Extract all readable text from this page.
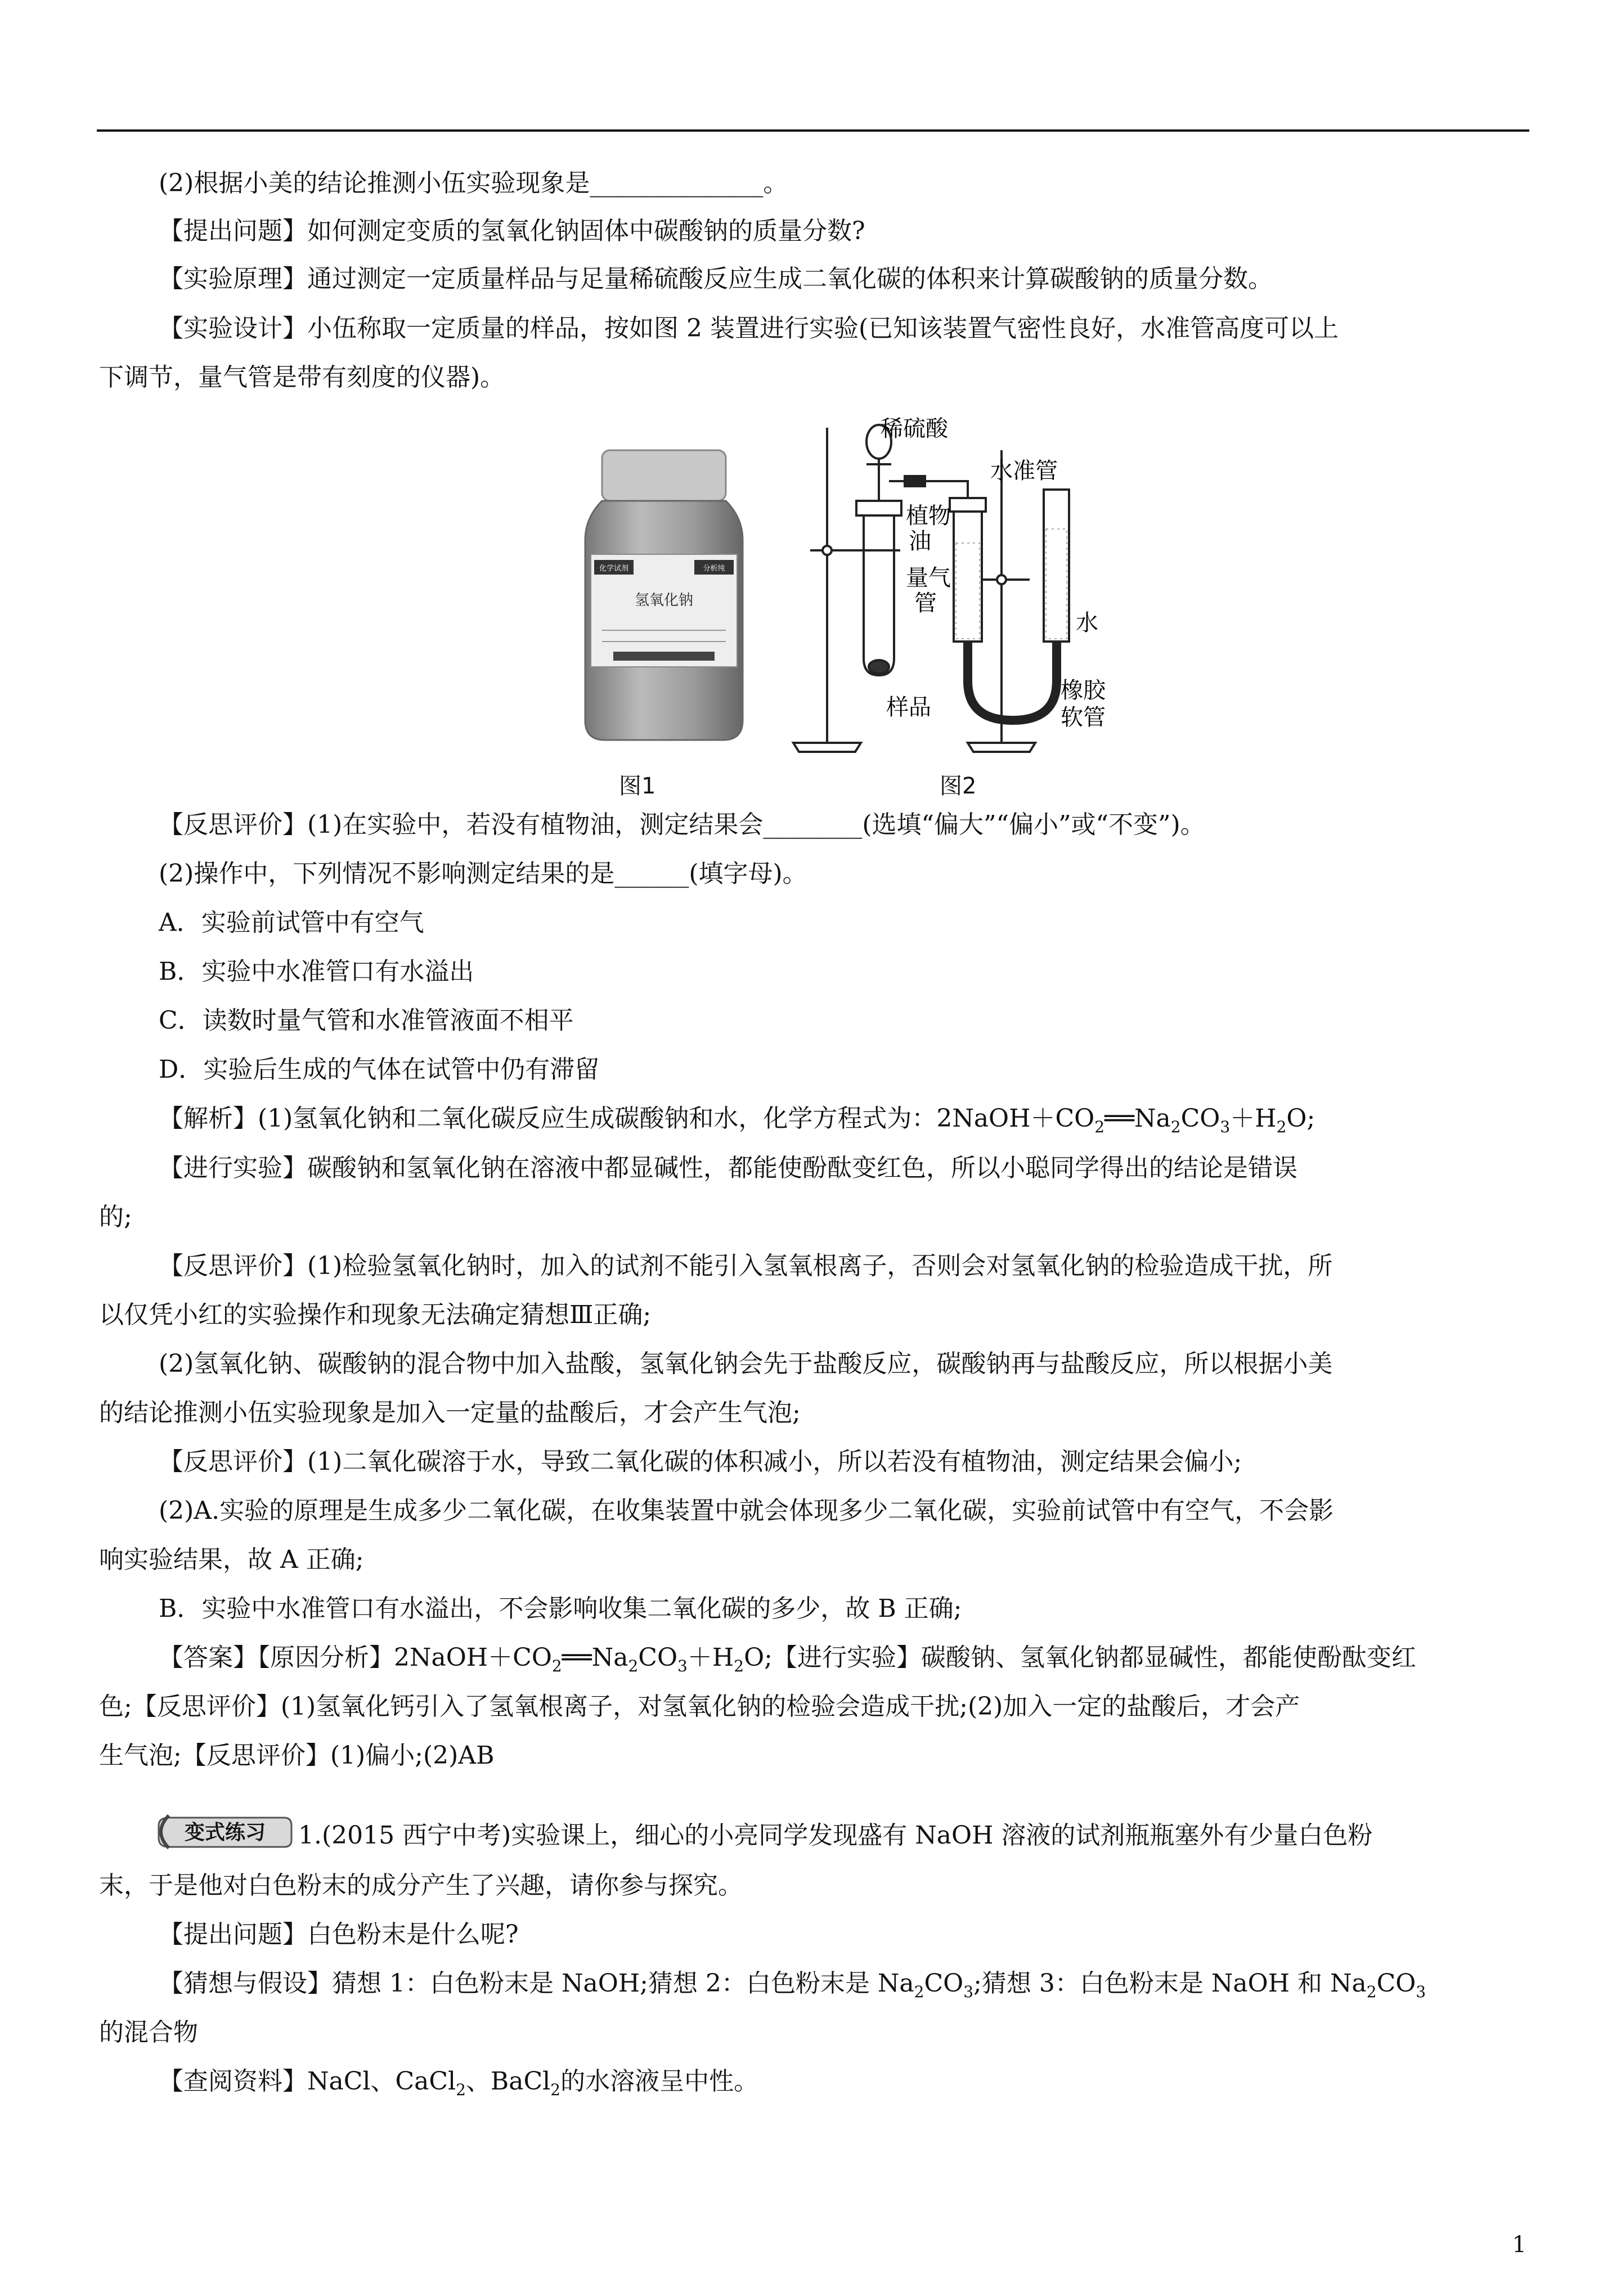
(2)根据小美的结论推测小伍实验现象是______________。
【提出问题】如何测定变质的氢氧化钠固体中碳酸钠的质量分数?
【实验原理】通过测定一定质量样品与足量稀硫酸反应生成二氧化碳的体积来计算碳酸钠的质量分数。
【实验设计】小伍称取一定质量的样品，按如图 2 装置进行实验(已知该装置气密性良好，水准管高度可以上
下调节，量气管是带有刻度的仪器)。
化学试剂	分析纯
氢氧化钠
稀硫酸
水准管
植物
油
量气
管
水
样品
橡胶
软管
图1	图2
【反思评价】(1)在实验中，若没有植物油，测定结果会________(选填“偏大”“偏小”或“不变”)。
(2)操作中，下列情况不影响测定结果的是______(填字母)。
A．实验前试管中有空气
B．实验中水准管口有水溢出
C．读数时量气管和水准管液面不相平
D．实验后生成的气体在试管中仍有滞留
【解析】(1)氢氧化钠和二氧化碳反应生成碳酸钠和水，化学方程式为：$2NaOH+CO_2══Na_2CO_3+H_2O$;
【进行实验】碳酸钠和氢氧化钠在溶液中都显碱性，都能使酚酞变红色，所以小聪同学得出的结论是错误
的;
【反思评价】(1)检验氢氧化钠时，加入的试剂不能引入氢氧根离子，否则会对氢氧化钠的检验造成干扰，所
以仅凭小红的实验操作和现象无法确定猜想Ⅲ正确;
(2)氢氧化钠、碳酸钠的混合物中加入盐酸，氢氧化钠会先于盐酸反应，碳酸钠再与盐酸反应，所以根据小美
的结论推测小伍实验现象是加入一定量的盐酸后，才会产生气泡;
【反思评价】(1)二氧化碳溶于水，导致二氧化碳的体积减小，所以若没有植物油，测定结果会偏小;
(2)A.实验的原理是生成多少二氧化碳，在收集装置中就会体现多少二氧化碳，实验前试管中有空气，不会影
响实验结果，故 A 正确;
B．实验中水准管口有水溢出，不会影响收集二氧化碳的多少，故 B 正确;
【答案】【原因分析】$2NaOH+CO_2══Na_2CO_3+H_2O$;【进行实验】碳酸钠、氢氧化钠都显碱性，都能使酚酞变红
色;【反思评价】(1)氢氧化钙引入了氢氧根离子，对氢氧化钠的检验会造成干扰;(2)加入一定的盐酸后，才会产
生气泡;【反思评价】(1)偏小;(2)AB
变式练习 1.(2015 西宁中考)实验课上，细心的小亮同学发现盛有 NaOH 溶液的试剂瓶瓶塞外有少量白色粉
末，于是他对白色粉末的成分产生了兴趣，请你参与探究。
【提出问题】白色粉末是什么呢?
【猜想与假设】猜想 1：白色粉末是 NaOH;猜想 2：白色粉末是 $Na_2CO_3$;猜想 3：白色粉末是 NaOH 和 $Na_2CO_3$
的混合物
【查阅资料】NaCl、CaCl$_2$、BaCl$_2$的水溶液呈中性。
1
